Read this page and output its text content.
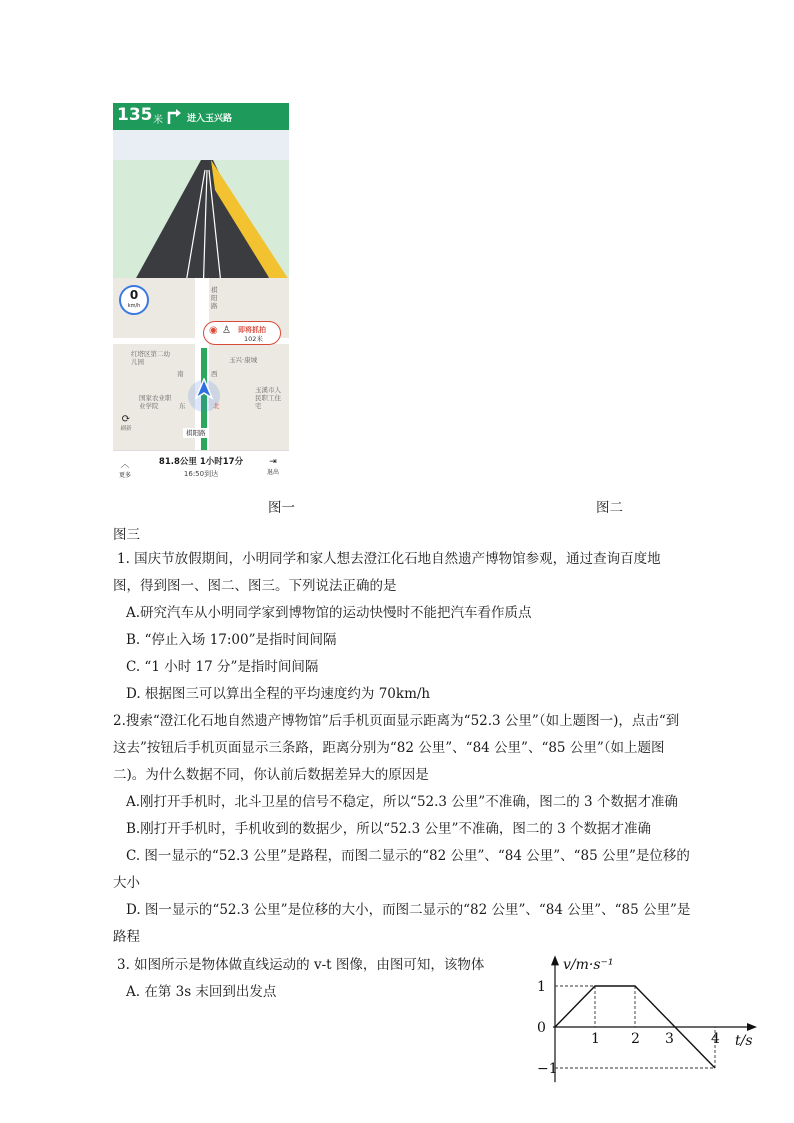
135 米	进入玉兴路
红塔区第二幼儿园
棋阳路
玉兴·康城
玉溪市人民职工住宅
国家农业职业学院
南	西
东	北
棋阳路
⟳
刷新
0
km/h
◉ ♙ 即将抓拍
102米
︿
更多
81.8公里 1小时17分
16:50到达
⇥
退出
图一	图二
图三
1. 国庆节放假期间，小明同学和家人想去澄江化石地自然遗产博物馆参观，通过查询百度地
图，得到图一、图二、图三。下列说法正确的是
A.研究汽车从小明同学家到博物馆的运动快慢时不能把汽车看作质点
B. “停止入场 17:00”是指时间间隔
C. “1 小时 17 分”是指时间间隔
D. 根据图三可以算出全程的平均速度约为 70km/h
2.搜索“澄江化石地自然遗产博物馆”后手机页面显示距离为“52.3 公里”（如上题图一)，点击“到
这去”按钮后手机页面显示三条路，距离分别为“82 公里”、“84 公里”、“85 公里”（如上题图
二)。为什么数据不同，你认前后数据差异大的原因是
A.刚打开手机时，北斗卫星的信号不稳定，所以“52.3 公里”不准确，图二的 3 个数据才准确
B.刚打开手机时，手机收到的数据少，所以“52.3 公里”不准确，图二的 3 个数据才准确
C. 图一显示的“52.3 公里”是路程，而图二显示的“82 公里”、“84 公里”、“85 公里”是位移的
大小
D. 图一显示的“52.3 公里”是位移的大小，而图二显示的“82 公里”、“84 公里”、“85 公里”是
路程
3. 如图所示是物体做直线运动的 v-t 图像，由图可知，该物体
A. 在第 3s 末回到出发点
1 2 3	4
1
0
−1
v/m·s⁻¹
t/s
